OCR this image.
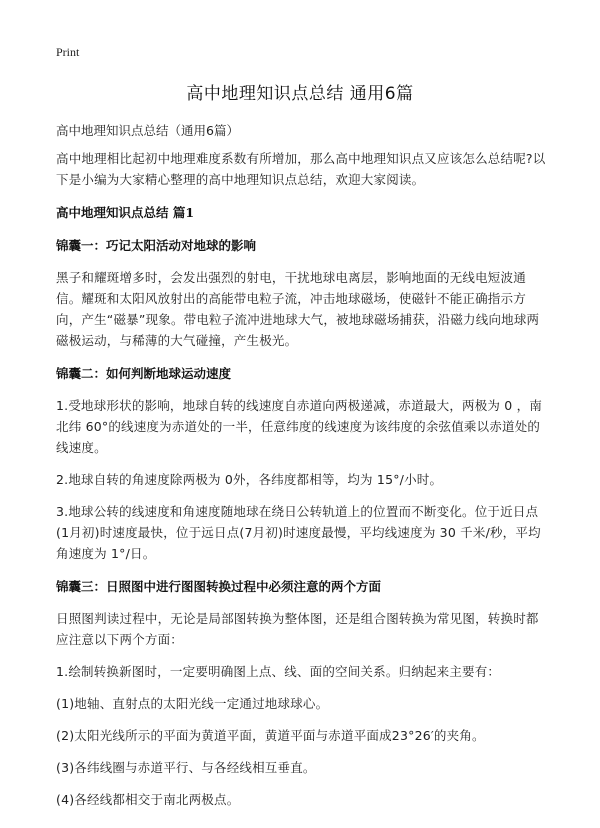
Print
高中地理知识点总结 通用6篇
高中地理知识点总结（通用6篇）

高中地理相比起初中地理难度系数有所增加，那么高中地理知识点又应该怎么总结呢?以下是小编为大家精心整理的高中地理知识点总结，欢迎大家阅读。

高中地理知识点总结 篇1
锦囊一：巧记太阳活动对地球的影响

黑子和耀斑增多时，会发出强烈的射电，干扰地球电离层，影响地面的无线电短波通信。耀斑和太阳风放射出的高能带电粒子流，冲击地球磁场，使磁针不能正确指示方向，产生“磁暴”现象。带电粒子流冲进地球大气，被地球磁场捕获，沿磁力线向地球两磁极运动，与稀薄的大气碰撞，产生极光。

锦囊二：如何判断地球运动速度

1.受地球形状的影响，地球自转的线速度自赤道向两极递减，赤道最大，两极为 0 ，南北纬 60°的线速度为赤道处的一半，任意纬度的线速度为该纬度的余弦值乘以赤道处的线速度。

2.地球自转的角速度除两极为 0外，各纬度都相等，均为 15°/小时。

3.地球公转的线速度和角速度随地球在绕日公转轨道上的位置而不断变化。位于近日点(1月初)时速度最快，位于远日点(7月初)时速度最慢，平均线速度为 30 千米/秒，平均角速度为 1°/日。

锦囊三：日照图中进行图图转换过程中必须注意的两个方面

日照图判读过程中，无论是局部图转换为整体图，还是组合图转换为常见图，转换时都应注意以下两个方面：

1.绘制转换新图时，一定要明确图上点、线、面的空间关系。归纳起来主要有：

(1)地轴、直射点的太阳光线一定通过地球球心。

(2)太阳光线所示的平面为黄道平面，黄道平面与赤道平面成23°26′的夹角。

(3)各纬线圈与赤道平行、与各经线相互垂直。

(4)各经线都相交于南北两极点。
